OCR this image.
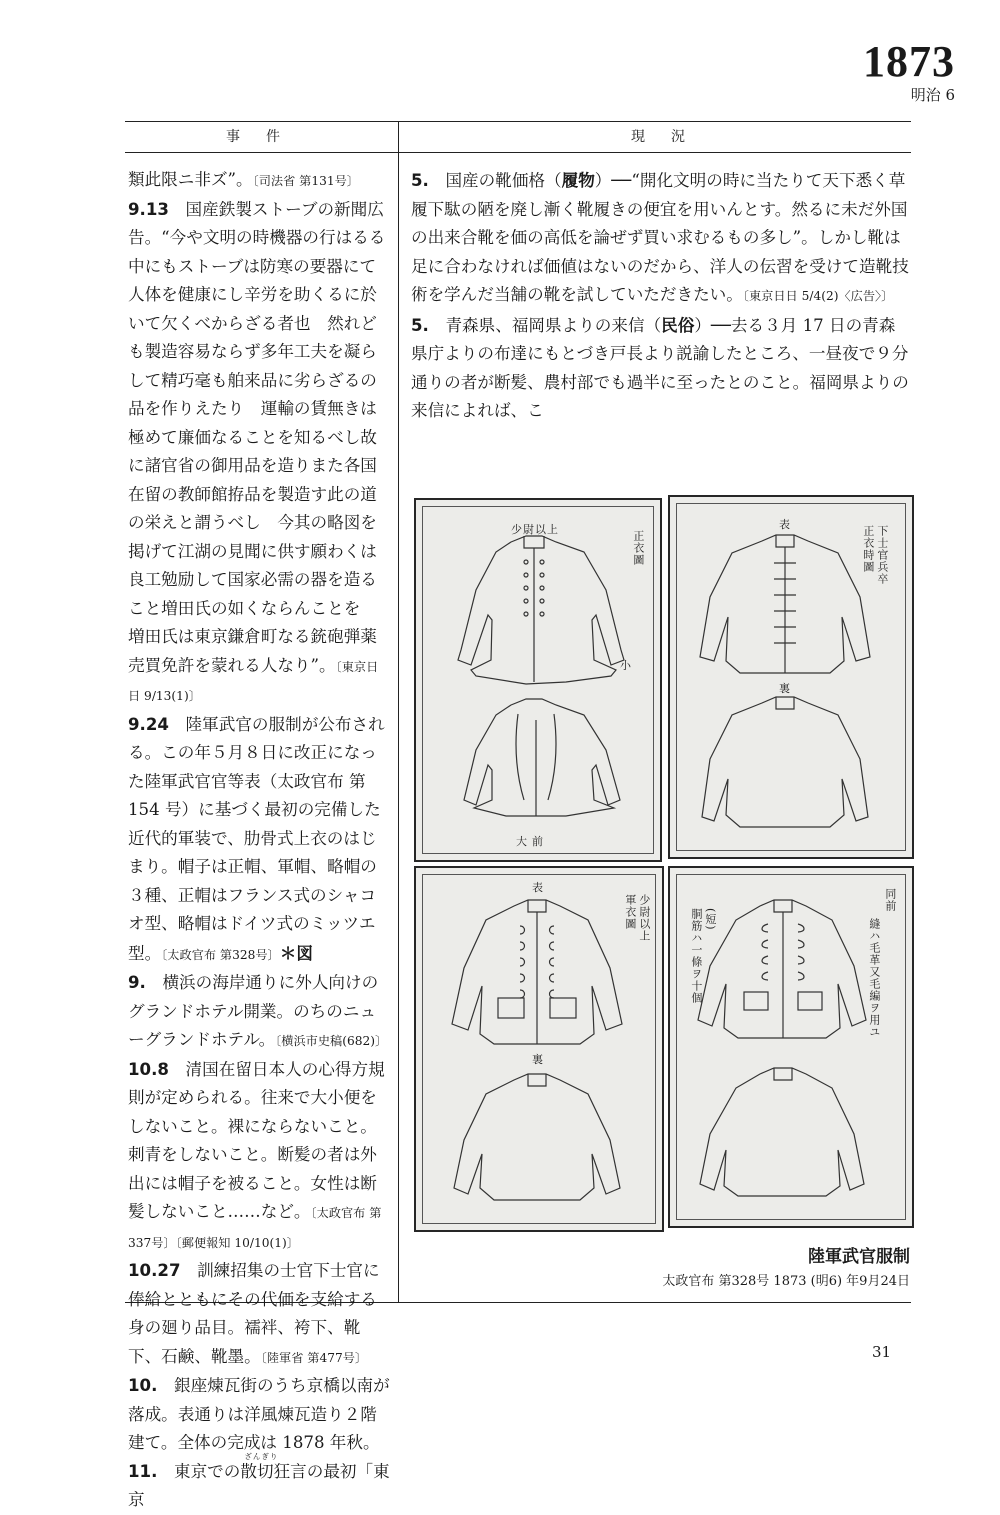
1873
明治 6
事件	現況

類此限ニ非ズ”。〔司法省 第131号〕

9.13　国産鉄製ストーブの新聞広告。“今や文明の時機器の行はるる中にもストーブは防寒の要器にて人体を健康にし辛労を助くるに於いて欠くべからざる者也　然れども製造容易ならず多年工夫を凝らして精巧毫も舶来品に劣らざるの品を作りえたり　運輸の賃無きは極めて廉価なることを知るべし故に諸官省の御用品を造りまた各国在留の教師館拵品を製造す此の道の栄えと謂うべし　今其の略図を掲げて江湖の見聞に供す願わくは良工勉励して国家必需の器を造ること増田氏の如くならんことを　増田氏は東京鎌倉町なる銃砲弾薬売買免許を蒙れる人なり”。〔東京日日 9/13(1)〕

9.24　陸軍武官の服制が公布される。この年５月８日に改正になった陸軍武官官等表（太政官布 第 154 号）に基づく最初の完備した近代的軍装で、肋骨式上衣のはじまり。帽子は正帽、軍帽、略帽の３種、正帽はフランス式のシャコオ型、略帽はドイツ式のミッツエ型。〔太政官布 第328号〕＊図

9.　横浜の海岸通りに外人向けのグランドホテル開業。のちのニューグランドホテル。〔横浜市史稿(682)〕

10.8　清国在留日本人の心得方規則が定められる。往来で大小便をしないこと。裸にならないこと。刺青をしないこと。断髪の者は外出には帽子を被ること。女性は断髪しないこと……など。〔太政官布 第337号〕〔郵便報知 10/10(1)〕

10.27　訓練招集の士官下士官に俸給とともにその代価を支給する身の廻り品目。襦袢、袴下、靴下、石鹸、靴墨。〔陸軍省 第477号〕

10.　銀座煉瓦街のうち京橋以南が落成。表通りは洋風煉瓦造り２階建て。全体の完成は 1878 年秋。

11.　東京での散切
ざんぎり
狂言の最初「東京

5.　国産の靴価格（履物）──“開化文明の時に当たりて天下悉く草履下駄の陋を廃し漸く靴履きの便宜を用いんとす。然るに未だ外国の出来合靴を価の高低を論ぜず買い求むるもの多し”。しかし靴は足に合わなければ価値はないのだから、洋人の伝習を受けて造靴技術を学んだ当舗の靴を試していただきたい。〔東京日日 5/4(2)〈広告〉〕

5.　青森県、福岡県よりの来信（民俗）──去る３月 17 日の青森県庁よりの布達にもとづき戸長より説諭したところ、一昼夜で９分通りの者が断髪、農村部でも過半に至ったとのこと。福岡県よりの来信によれば、こ

正衣圖
少尉以上
小
大 前
下士官兵卒
正衣時圖
表
裏
少尉以上
軍衣圖
表
裏
同前
縫ハ毛革又毛編ヲ用ユ
胴筋ハ一條ヲ十個 (短)
陸軍武官服制
太政官布 第328号 1873 (明6) 年9月24日
31
